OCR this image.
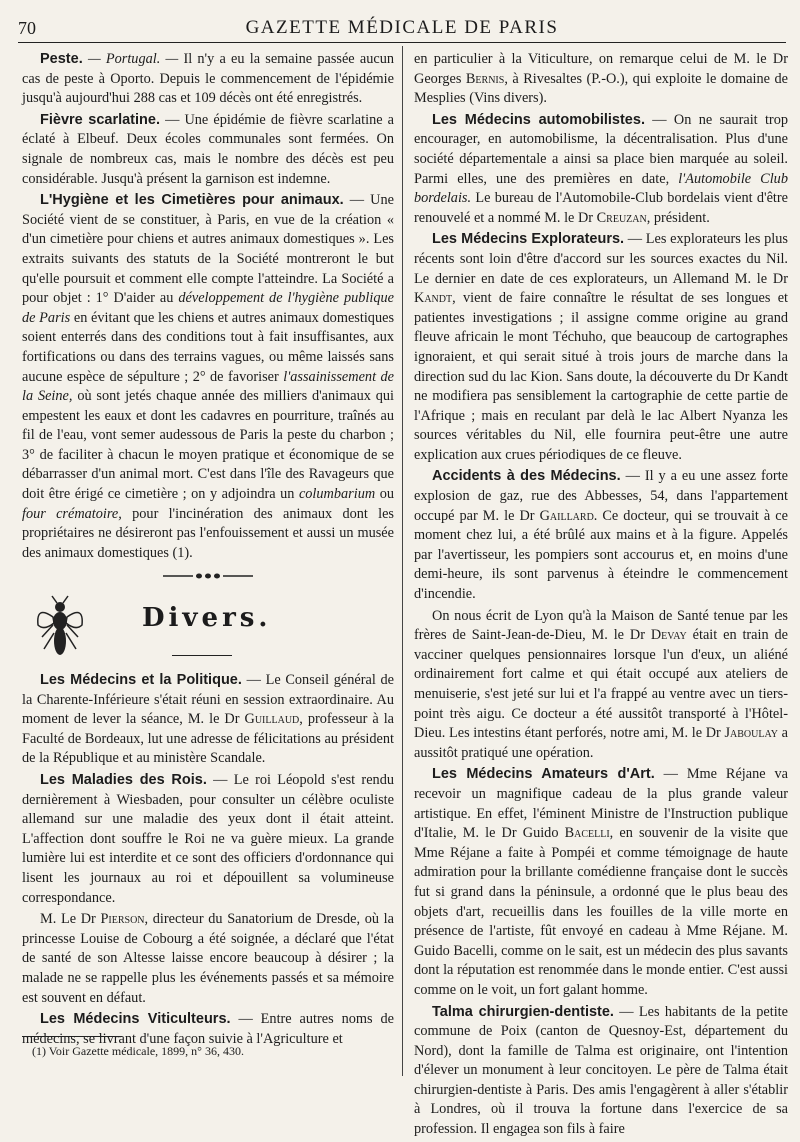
70	GAZETTE MÉDICALE DE PARIS

Peste. — Portugal. — Il n'y a eu la semaine passée aucun cas de peste à Oporto. Depuis le commencement de l'épidémie jusqu'à aujourd'hui 288 cas et 109 décès ont été enregistrés.

Fièvre scarlatine. — Une épidémie de fièvre scarlatine a éclaté à Elbeuf. Deux écoles communales sont fermées. On signale de nombreux cas, mais le nombre des décès est peu considérable. Jusqu'à présent la garnison est indemne.

L'Hygiène et les Cimetières pour animaux. — Une Société vient de se constituer, à Paris, en vue de la création « d'un cimetière pour chiens et autres animaux domestiques ». Les extraits suivants des statuts de la Société montreront le but qu'elle poursuit et comment elle compte l'atteindre. La Société a pour objet : 1° D'aider au développement de l'hygiène publique de Paris en évitant que les chiens et autres animaux domestiques soient enterrés dans des conditions tout à fait insuffisantes, aux fortifications ou dans des terrains vagues, ou même laissés sans aucune espèce de sépulture ; 2° de favoriser l'assainissement de la Seine, où sont jetés chaque année des milliers d'animaux qui empestent les eaux et dont les cadavres en pourriture, traînés au fil de l'eau, vont semer audessous de Paris la peste du charbon ; 3° de faciliter à chacun le moyen pratique et économique de se débarrasser d'un animal mort. C'est dans l'île des Ravageurs que doit être érigé ce cimetière ; on y adjoindra un columbarium ou four crématoire, pour l'incinération des animaux dont les propriétaires ne désireront pas l'enfouissement et aussi un musée des animaux domestiques (1).

Divers.

Les Médecins et la Politique. — Le Conseil général de la Charente-Inférieure s'était réuni en session extraordinaire. Au moment de lever la séance, M. le Dr Guillaud, professeur à la Faculté de Bordeaux, lut une adresse de félicitations au président de la République et au ministère Scandale.

Les Maladies des Rois. — Le roi Léopold s'est rendu dernièrement à Wiesbaden, pour consulter un célèbre oculiste allemand sur une maladie des yeux dont il était atteint. L'affection dont souffre le Roi ne va guère mieux. La grande lumière lui est interdite et ce sont des officiers d'ordonnance qui lisent les journaux au roi et dépouillent sa volumineuse correspondance.

M. Le Dr Pierson, directeur du Sanatorium de Dresde, où la princesse Louise de Cobourg a été soignée, a déclaré que l'état de santé de son Altesse laisse encore beaucoup à désirer ; la malade ne se rappelle plus les événements passés et sa mémoire est souvent en défaut.

Les Médecins Viticulteurs. — Entre autres noms de médecins, se livrant d'une façon suivie à l'Agriculture et

(1) Voir Gazette médicale, 1899, n° 36, 430.

en particulier à la Viticulture, on remarque celui de M. le Dr Georges Bernis, à Rivesaltes (P.-O.), qui exploite le domaine de Mesplies (Vins divers).

Les Médecins automobilistes. — On ne saurait trop encourager, en automobilisme, la décentralisation. Plus d'une société départementale a ainsi sa place bien marquée au soleil. Parmi elles, une des premières en date, l'Automobile Club bordelais. Le bureau de l'Automobile-Club bordelais vient d'être renouvelé et a nommé M. le Dr Creuzan, président.

Les Médecins Explorateurs. — Les explorateurs les plus récents sont loin d'être d'accord sur les sources exactes du Nil. Le dernier en date de ces explorateurs, un Allemand M. le Dr Kandt, vient de faire connaître le résultat de ses longues et patientes investigations ; il assigne comme origine au grand fleuve africain le mont Téchuho, que beaucoup de cartographes ignoraient, et qui serait situé à trois jours de marche dans la direction sud du lac Kion. Sans doute, la découverte du Dr Kandt ne modifiera pas sensiblement la cartographie de cette partie de l'Afrique ; mais en reculant par delà le lac Albert Nyanza les sources véritables du Nil, elle fournira peut-être une autre explication aux crues périodiques de ce fleuve.

Accidents à des Médecins. — Il y a eu une assez forte explosion de gaz, rue des Abbesses, 54, dans l'appartement occupé par M. le Dr Gaillard. Ce docteur, qui se trouvait à ce moment chez lui, a été brûlé aux mains et à la figure. Appelés par l'avertisseur, les pompiers sont accourus et, en moins d'une demi-heure, ils sont parvenus à éteindre le commencement d'incendie.

On nous écrit de Lyon qu'à la Maison de Santé tenue par les frères de Saint-Jean-de-Dieu, M. le Dr Devay était en train de vacciner quelques pensionnaires lorsque l'un d'eux, un aliéné ordinairement fort calme et qui était occupé aux ateliers de menuiserie, s'est jeté sur lui et l'a frappé au ventre avec un tiers-point très aigu. Ce docteur a été aussitôt transporté à l'Hôtel-Dieu. Les intestins étant perforés, notre ami, M. le Dr Jaboulay a aussitôt pratiqué une opération.

Les Médecins Amateurs d'Art. — Mme Réjane va recevoir un magnifique cadeau de la plus grande valeur artistique. En effet, l'éminent Ministre de l'Instruction publique d'Italie, M. le Dr Guido Bacelli, en souvenir de la visite que Mme Réjane a faite à Pompéi et comme témoignage de haute admiration pour la brillante comédienne française dont le succès fut si grand dans la péninsule, a ordonné que le plus beau des objets d'art, recueillis dans les fouilles de la ville morte en présence de l'artiste, fût envoyé en cadeau à Mme Réjane. M. Guido Bacelli, comme on le sait, est un médecin des plus savants dont la réputation est renommée dans le monde entier. C'est aussi comme on le voit, un fort galant homme.

Talma chirurgien-dentiste. — Les habitants de la petite commune de Poix (canton de Quesnoy-Est, département du Nord), dont la famille de Talma est originaire, ont l'intention d'élever un monument à leur concitoyen. Le père de Talma était chirurgien-dentiste à Paris. Des amis l'engagèrent à aller s'établir à Londres, où il trouva la fortune dans l'exercice de sa profession. Il engagea son fils à faire
